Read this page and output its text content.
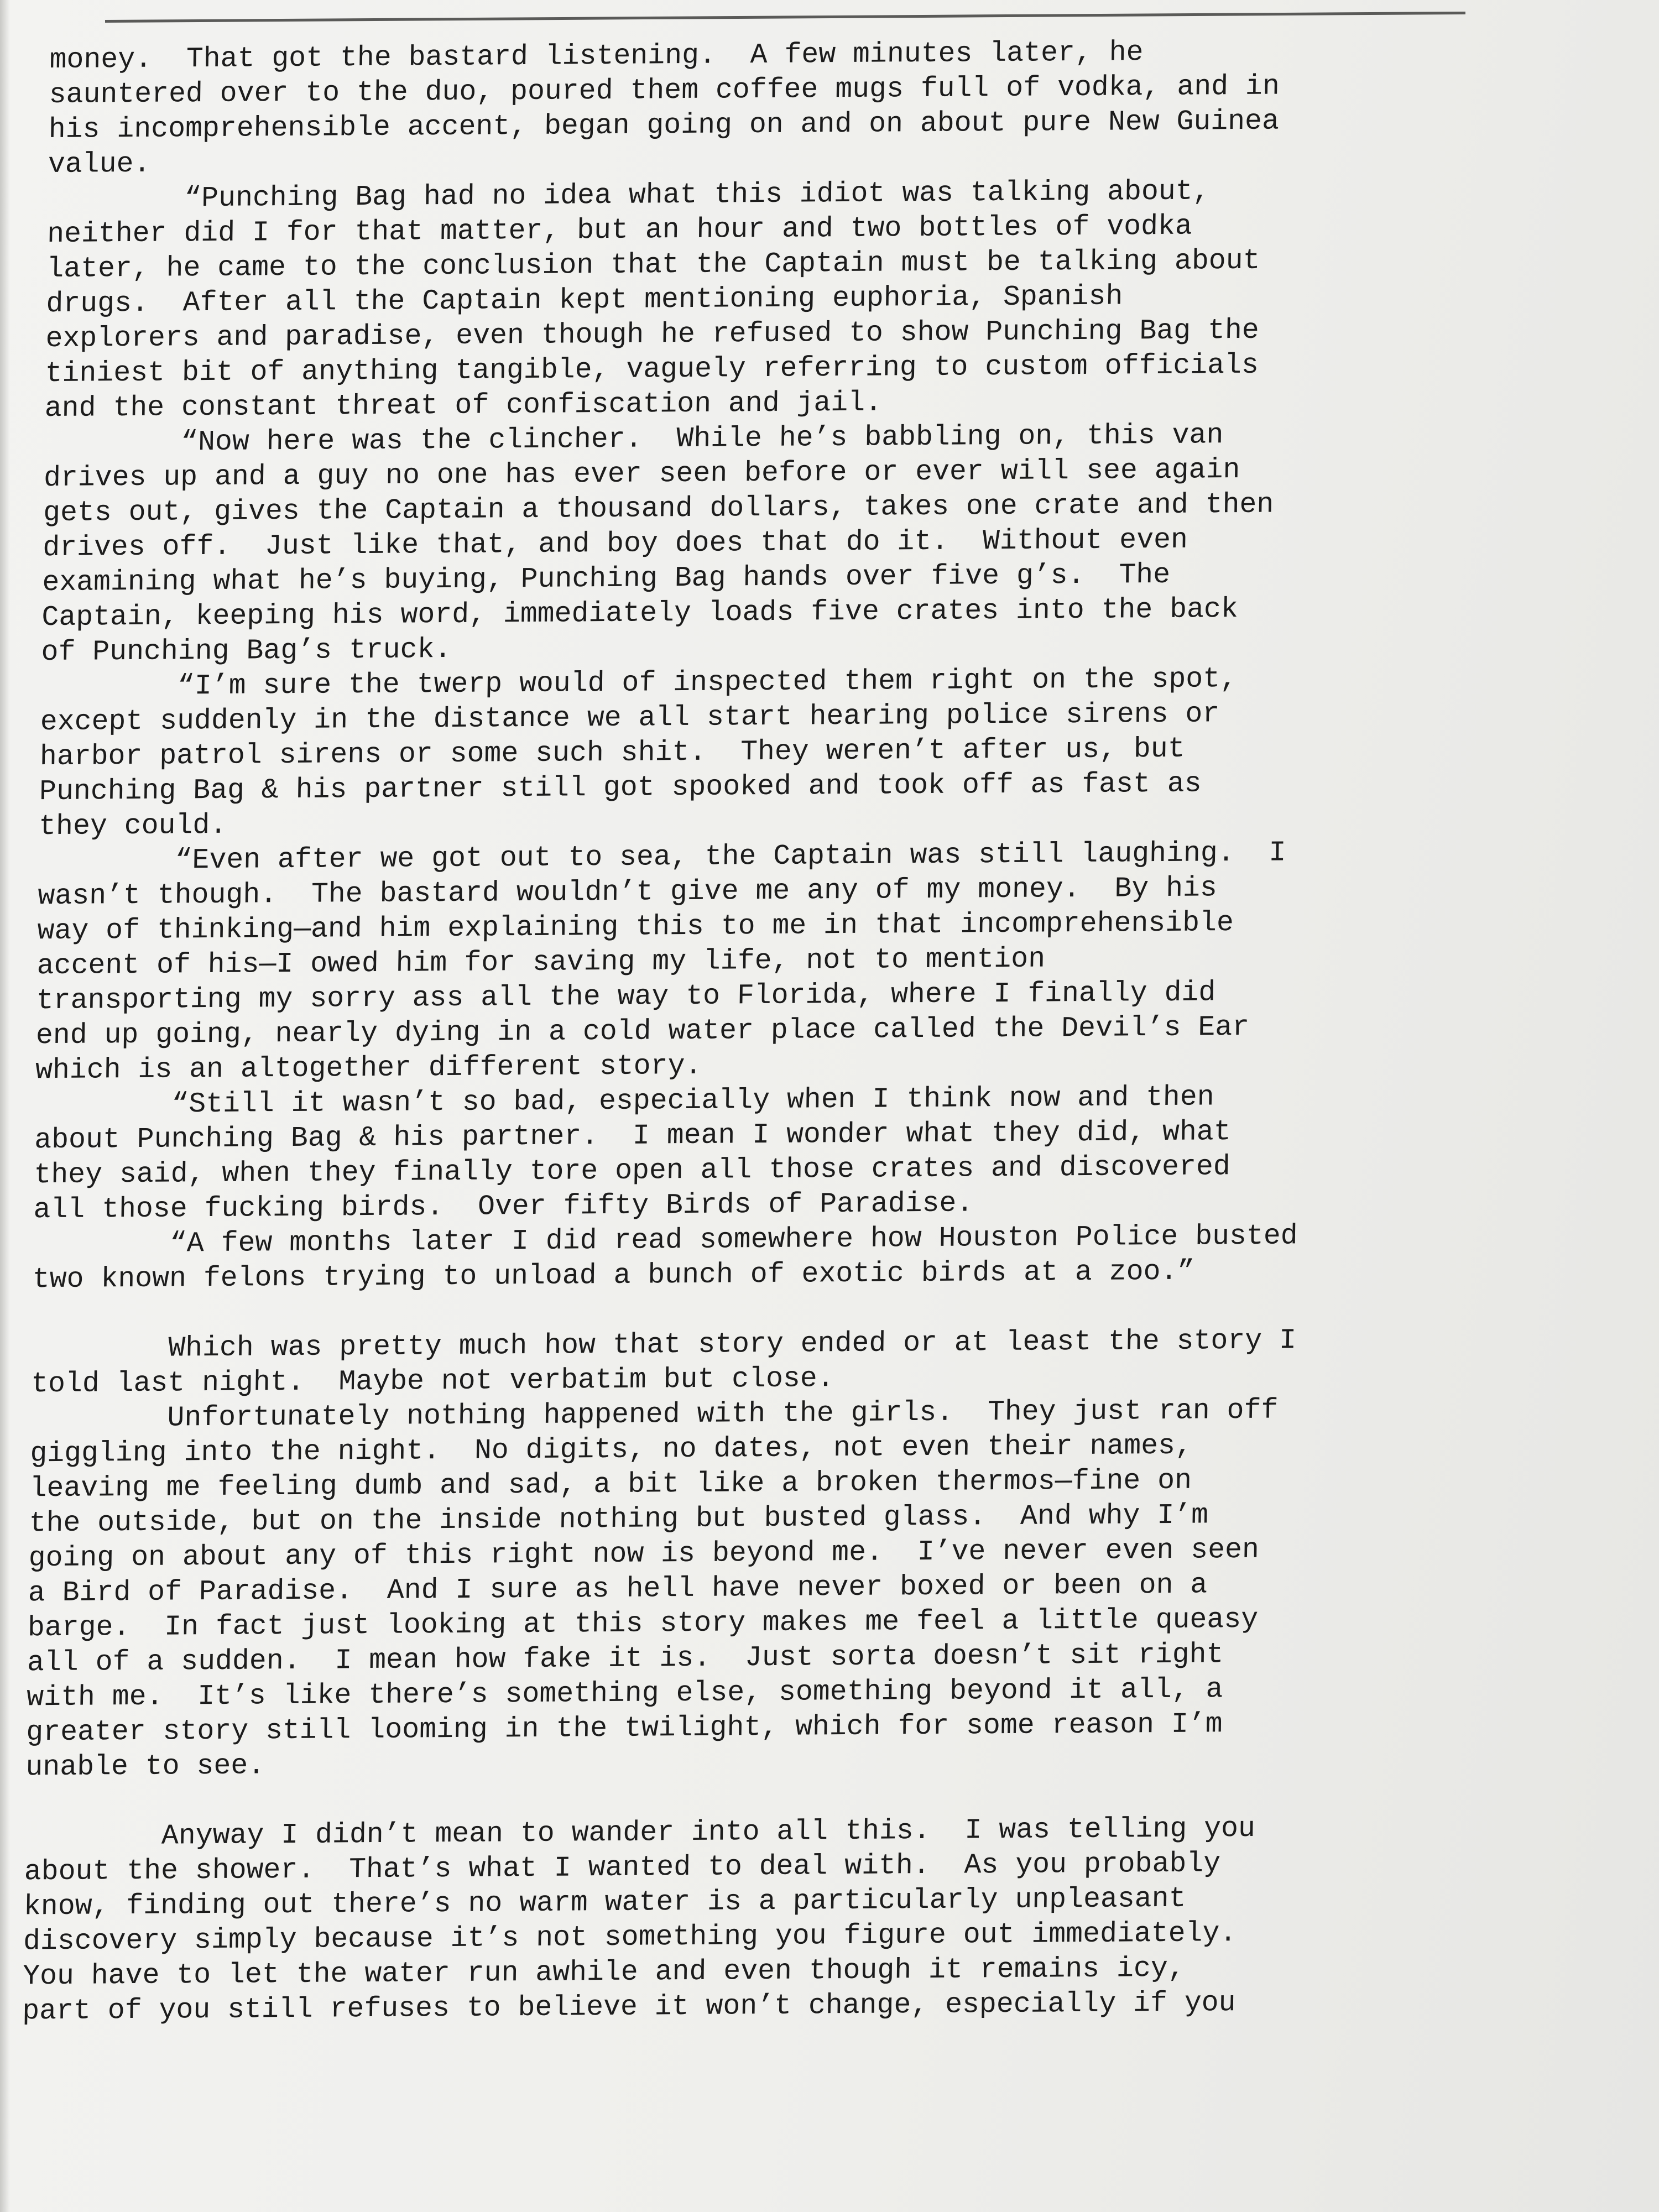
money.  That got the bastard listening.  A few minutes later, he
sauntered over to the duo, poured them coffee mugs full of vodka, and in
his incomprehensible accent, began going on and on about pure New Guinea
value.
“Punching Bag had no idea what this idiot was talking about,
neither did I for that matter, but an hour and two bottles of vodka
later, he came to the conclusion that the Captain must be talking about
drugs.  After all the Captain kept mentioning euphoria, Spanish
explorers and paradise, even though he refused to show Punching Bag the
tiniest bit of anything tangible, vaguely referring to custom officials
and the constant threat of confiscation and jail.
“Now here was the clincher.  While he’s babbling on, this van
drives up and a guy no one has ever seen before or ever will see again
gets out, gives the Captain a thousand dollars, takes one crate and then
drives off.  Just like that, and boy does that do it.  Without even
examining what he’s buying, Punching Bag hands over five g’s.  The
Captain, keeping his word, immediately loads five crates into the back
of Punching Bag’s truck.
“I’m sure the twerp would of inspected them right on the spot,
except suddenly in the distance we all start hearing police sirens or
harbor patrol sirens or some such shit.  They weren’t after us, but
Punching Bag & his partner still got spooked and took off as fast as
they could.
“Even after we got out to sea, the Captain was still laughing.  I
wasn’t though.  The bastard wouldn’t give me any of my money.  By his
way of thinking—and him explaining this to me in that incomprehensible
accent of his—I owed him for saving my life, not to mention
transporting my sorry ass all the way to Florida, where I finally did
end up going, nearly dying in a cold water place called the Devil’s Ear
which is an altogether different story.
“Still it wasn’t so bad, especially when I think now and then
about Punching Bag & his partner.  I mean I wonder what they did, what
they said, when they finally tore open all those crates and discovered
all those fucking birds.  Over fifty Birds of Paradise.
“A few months later I did read somewhere how Houston Police busted
two known felons trying to unload a bunch of exotic birds at a zoo.”
Which was pretty much how that story ended or at least the story I
told last night.  Maybe not verbatim but close.
Unfortunately nothing happened with the girls.  They just ran off
giggling into the night.  No digits, no dates, not even their names,
leaving me feeling dumb and sad, a bit like a broken thermos—fine on
the outside, but on the inside nothing but busted glass.  And why I’m
going on about any of this right now is beyond me.  I’ve never even seen
a Bird of Paradise.  And I sure as hell have never boxed or been on a
barge.  In fact just looking at this story makes me feel a little queasy
all of a sudden.  I mean how fake it is.  Just sorta doesn’t sit right
with me.  It’s like there’s something else, something beyond it all, a
greater story still looming in the twilight, which for some reason I’m
unable to see.
Anyway I didn’t mean to wander into all this.  I was telling you
about the shower.  That’s what I wanted to deal with.  As you probably
know, finding out there’s no warm water is a particularly unpleasant
discovery simply because it’s not something you figure out immediately.
You have to let the water run awhile and even though it remains icy,
part of you still refuses to believe it won’t change, especially if you
